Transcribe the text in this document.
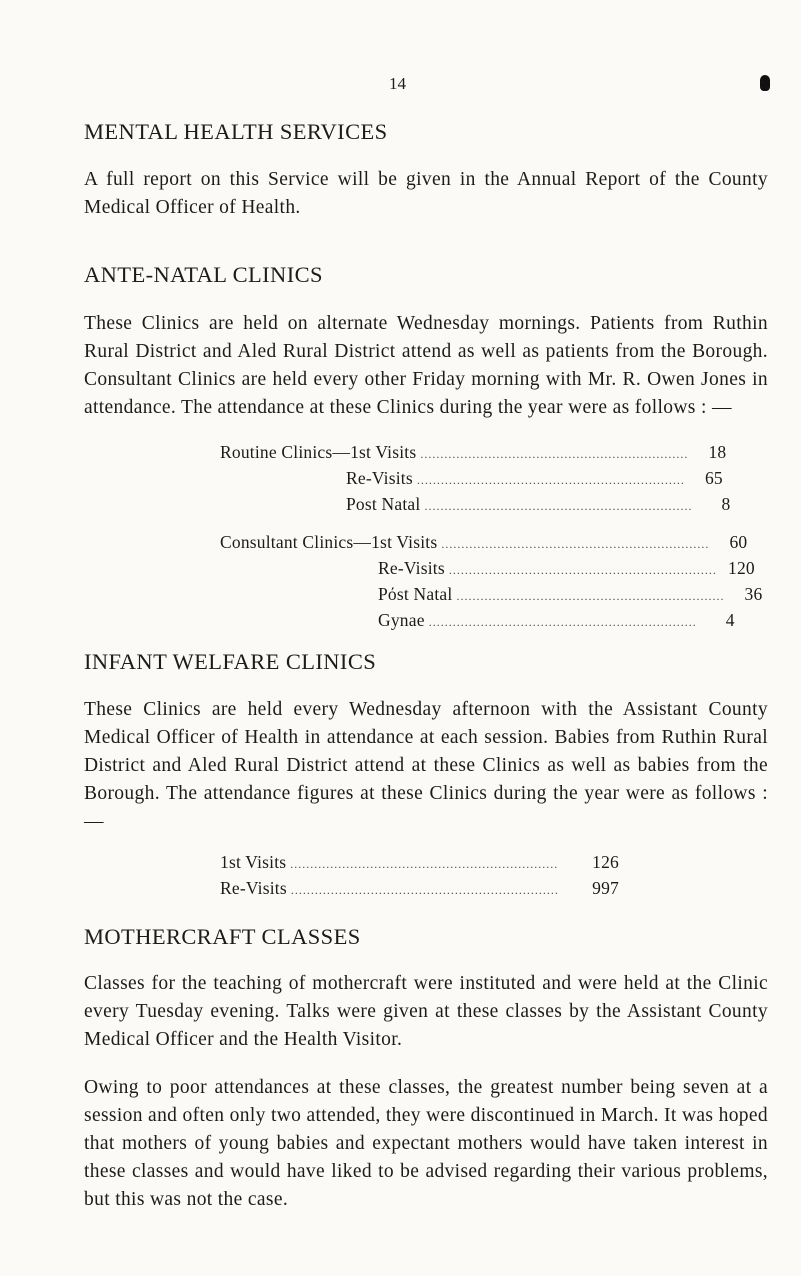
14
MENTAL HEALTH SERVICES

A full report on this Service will be given in the Annual Report of the County Medical Officer of Health.

ANTE-NATAL CLINICS

These Clinics are held on alternate Wednesday mornings. Patients from Ruthin Rural District and Aled Rural District attend as well as patients from the Borough. Consultant Clinics are held every other Friday morning with Mr. R. Owen Jones in attendance. The attendance at these Clinics during the year were as follows : —

Routine Clinics— 1st Visits ...................................................................	18
Re-Visits ...................................................................	65
Post Natal ...................................................................	8
Consultant Clinics— 1st Visits ...................................................................	60
Re-Visits ................................................................... 120
Pόst Natal ...................................................................	36
Gynae ...................................................................	4
INFANT WELFARE CLINICS

These Clinics are held every Wednesday afternoon with the Assistant County Medical Officer of Health in attendance at each session. Babies from Ruthin Rural District and Aled Rural District attend at these Clinics as well as babies from the Borough. The attendance figures at these Clinics during the year were as follows : —

1st Visits ...................................................................	126
Re-Visits ...................................................................	997
MOTHERCRAFT CLASSES

Classes for the teaching of mothercraft were instituted and were held at the Clinic every Tuesday evening. Talks were given at these classes by the Assistant County Medical Officer and the Health Visitor.

Owing to poor attendances at these classes, the greatest number being seven at a session and often only two attended, they were discontinued in March. It was hoped that mothers of young babies and expectant mothers would have taken interest in these classes and would have liked to be advised regarding their various problems, but this was not the case.
